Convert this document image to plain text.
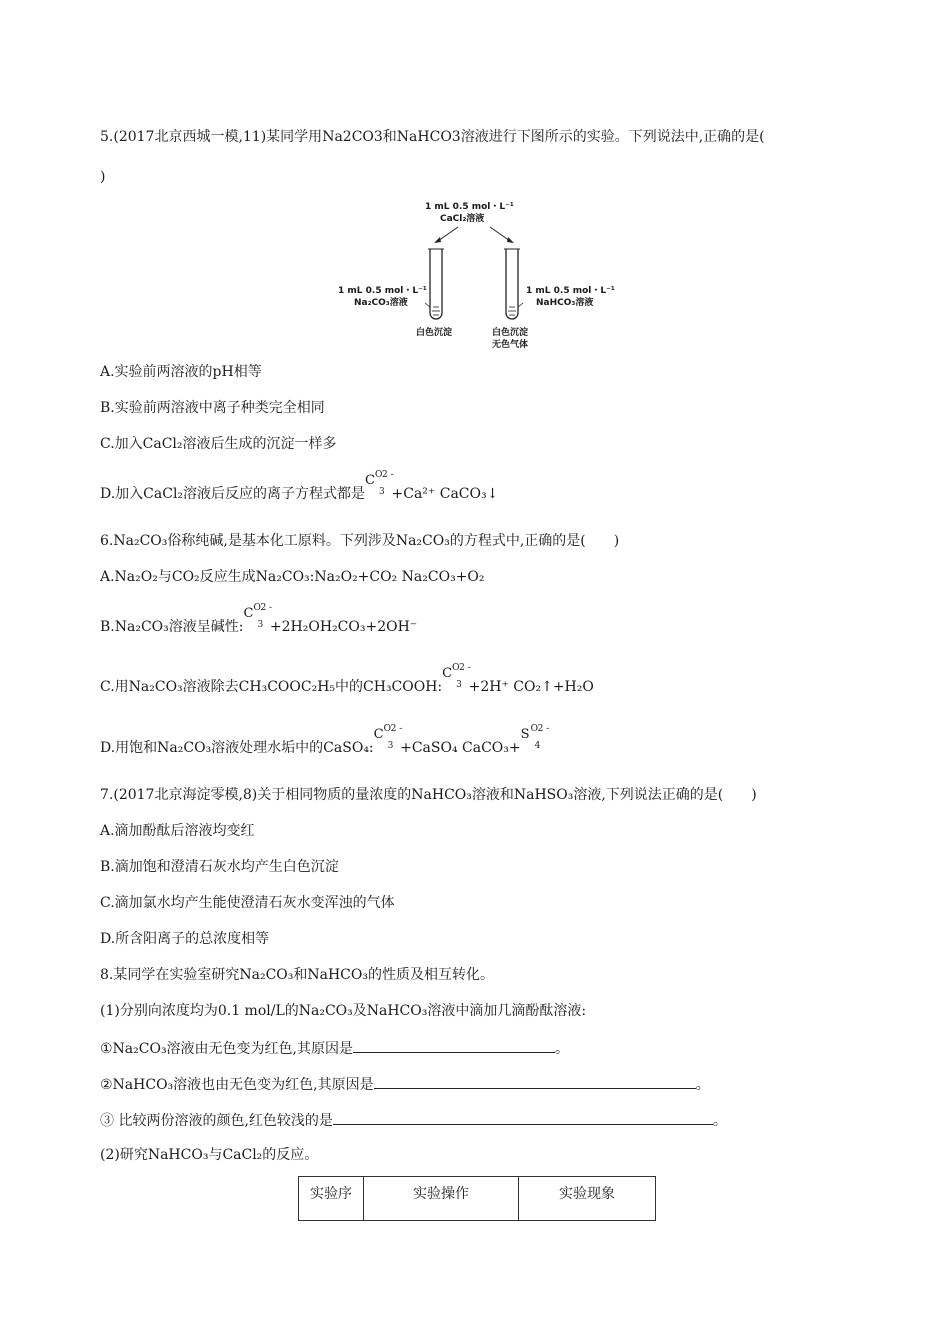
5.(2017北京西城一模,11)某同学用Na2CO3和NaHCO3溶液进行下图所示的实验。下列说法中,正确的是(
)
1 mL 0.5 mol・L⁻¹
CaCl₂溶液
1 mL 0.5 mol・L⁻¹
Na₂CO₃溶液
1 mL 0.5 mol・L⁻¹
NaHCO₃溶液
白色沉淀	白色沉淀
无色气体
A.实验前两溶液的pH相等
B.实验前两溶液中离子种类完全相同
C.加入CaCl₂溶液后生成的沉淀一样多
D.加入CaCl₂溶液后反应的离子方程式都是
C O 2 -
3 +Ca²⁺ CaCO₃↓
6.Na₂CO₃俗称纯碱,是基本化工原料。下列涉及Na₂CO₃的方程式中,正确的是(　　)
A.Na₂O₂与CO₂反应生成Na₂CO₃:Na₂O₂+CO₂ Na₂CO₃+O₂
B.Na₂CO₃溶液呈碱性:
C O 2 -
3 +2H₂OH₂CO₃+2OH⁻
C.用Na₂CO₃溶液除去CH₃COOC₂H₅中的CH₃COOH:
C O 2 -
3 +2H⁺ CO₂↑+H₂O
D.用饱和Na₂CO₃溶液处理水垢中的CaSO₄:
C O 2 -
3 +CaSO₄ CaCO₃+
S O 2 -
4
7.(2017北京海淀零模,8)关于相同物质的量浓度的NaHCO₃溶液和NaHSO₃溶液,下列说法正确的是(　　)
A.滴加酚酞后溶液均变红
B.滴加饱和澄清石灰水均产生白色沉淀
C.滴加氯水均产生能使澄清石灰水变浑浊的气体
D.所含阳离子的总浓度相等
8.某同学在实验室研究Na₂CO₃和NaHCO₃的性质及相互转化。
(1)分别向浓度均为0.1 mol/L的Na₂CO₃及NaHCO₃溶液中滴加几滴酚酞溶液:
①Na₂CO₃溶液由无色变为红色,其原因是	。
②NaHCO₃溶液也由无色变为红色,其原因是	。
③ 比较两份溶液的颜色,红色较浅的是	。
(2)研究NaHCO₃与CaCl₂的反应。
实验序	实验操作	实验现象
